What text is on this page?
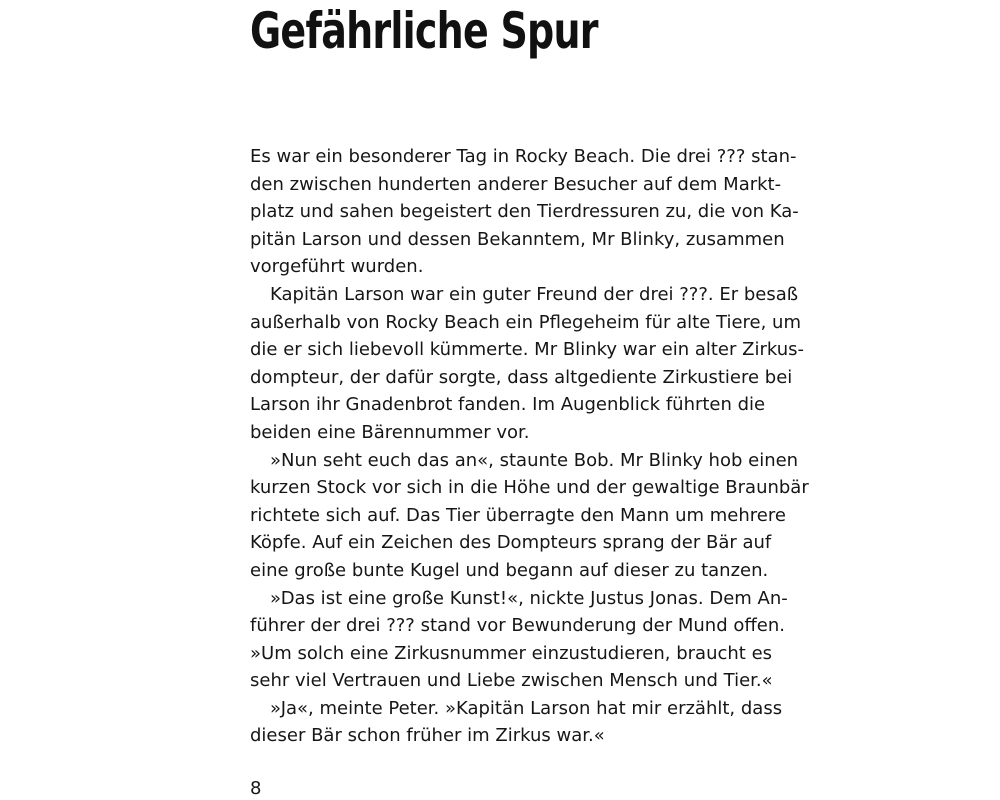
Gefährliche Spur
Es war ein besonderer Tag in Rocky Beach. Die drei ??? stan-
den zwischen hunderten anderer Besucher auf dem Markt-
platz und sahen begeistert den Tierdressuren zu, die von Ka-
pitän Larson und dessen Bekanntem, Mr Blinky, zusammen
vorgeführt wurden.
Kapitän Larson war ein guter Freund der drei ???. Er besaß
außerhalb von Rocky Beach ein Pflegeheim für alte Tiere, um
die er sich liebevoll kümmerte. Mr Blinky war ein alter Zirkus-
dompteur, der dafür sorgte, dass altgediente Zirkustiere bei
Larson ihr Gnadenbrot fanden. Im Augenblick führten die
beiden eine Bärennummer vor.
»Nun seht euch das an«, staunte Bob. Mr Blinky hob einen
kurzen Stock vor sich in die Höhe und der gewaltige Braunbär
richtete sich auf. Das Tier überragte den Mann um mehrere
Köpfe. Auf ein Zeichen des Dompteurs sprang der Bär auf
eine große bunte Kugel und begann auf dieser zu tanzen.
»Das ist eine große Kunst!«, nickte Justus Jonas. Dem An-
führer der drei ??? stand vor Bewunderung der Mund offen.
»Um solch eine Zirkusnummer einzustudieren, braucht es
sehr viel Vertrauen und Liebe zwischen Mensch und Tier.«
»Ja«, meinte Peter. »Kapitän Larson hat mir erzählt, dass
dieser Bär schon früher im Zirkus war.«
8
